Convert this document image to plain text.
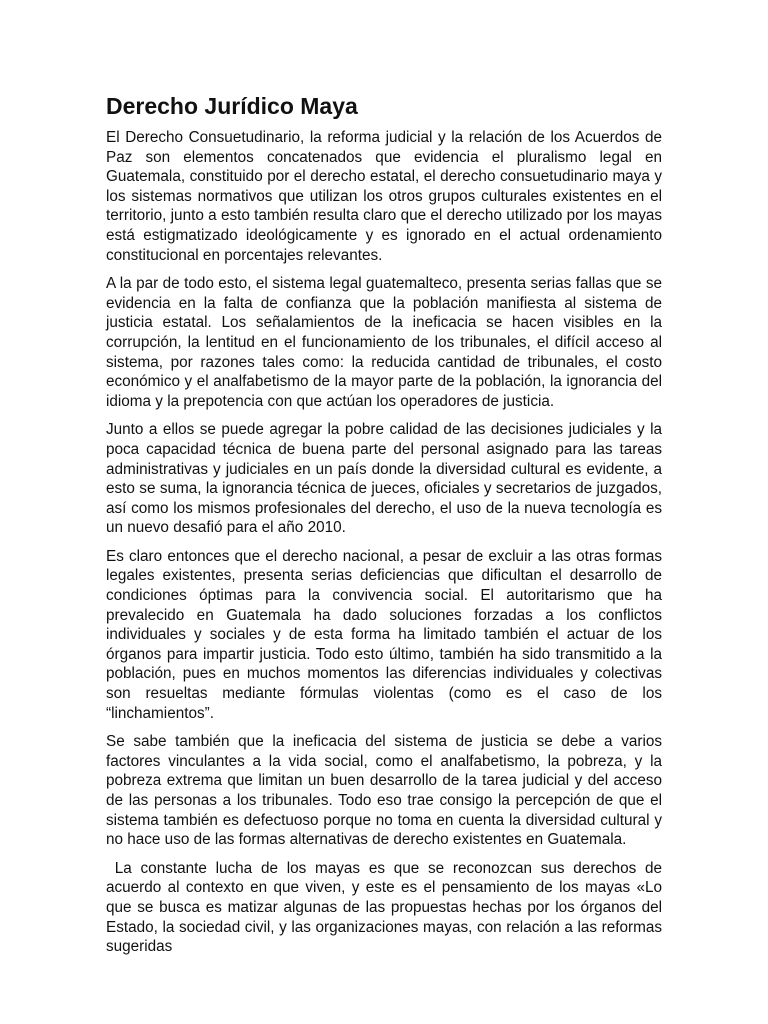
Derecho Jurídico Maya

El Derecho Consuetudinario, la reforma judicial y la relación de los Acuerdos de Paz son elementos concatenados que evidencia el pluralismo legal en Guatemala, constituido por el derecho estatal, el derecho consuetudinario maya y los sistemas normativos que utilizan los otros grupos culturales existentes en el territorio, junto a esto también resulta claro que el derecho utilizado por los mayas está estigmatizado ideológicamente y es ignorado en el actual ordenamiento constitucional en porcentajes relevantes.

A la par de todo esto, el sistema legal guatemalteco, presenta serias fallas que se evidencia en la falta de confianza que la población manifiesta al sistema de justicia estatal. Los señalamientos de la ineficacia se hacen visibles en la corrupción, la lentitud en el funcionamiento de los tribunales, el difícil acceso al sistema, por razones tales como: la reducida cantidad de tribunales, el costo económico y el analfabetismo de la mayor parte de la población, la ignorancia del idioma y la prepotencia con que actúan los operadores de justicia.

Junto a ellos se puede agregar la pobre calidad de las decisiones judiciales y la poca capacidad técnica de buena parte del personal asignado para las tareas administrativas y judiciales en un país donde la diversidad cultural es evidente, a esto se suma, la ignorancia técnica de jueces, oficiales y secretarios de juzgados, así como los mismos profesionales del derecho, el uso de la nueva tecnología es un nuevo desafió para el año 2010.

Es claro entonces que el derecho nacional, a pesar de excluir a las otras formas legales existentes, presenta serias deficiencias que dificultan el desarrollo de condiciones óptimas para la convivencia social. El autoritarismo que ha prevalecido en Guatemala ha dado soluciones forzadas a los conflictos individuales y sociales y de esta forma ha limitado también el actuar de los órganos para impartir justicia. Todo esto último, también ha sido transmitido a la población, pues en muchos momentos las diferencias individuales y colectivas son resueltas mediante fórmulas violentas (como es el caso de los “linchamientos”.

Se sabe también que la ineficacia del sistema de justicia se debe a varios factores vinculantes a la vida social, como el analfabetismo, la pobreza, y la pobreza extrema que limitan un buen desarrollo de la tarea judicial y del acceso de las personas a los tribunales. Todo eso trae consigo la percepción de que el sistema también es defectuoso porque no toma en cuenta la diversidad cultural y no hace uso de las formas alternativas de derecho existentes en Guatemala.

La constante lucha de los mayas es que se reconozcan sus derechos de acuerdo al contexto en que viven, y este es el pensamiento de los mayas «Lo que se busca es matizar algunas de las propuestas hechas por los órganos del Estado, la sociedad civil, y las organizaciones mayas, con relación a las reformas sugeridas
